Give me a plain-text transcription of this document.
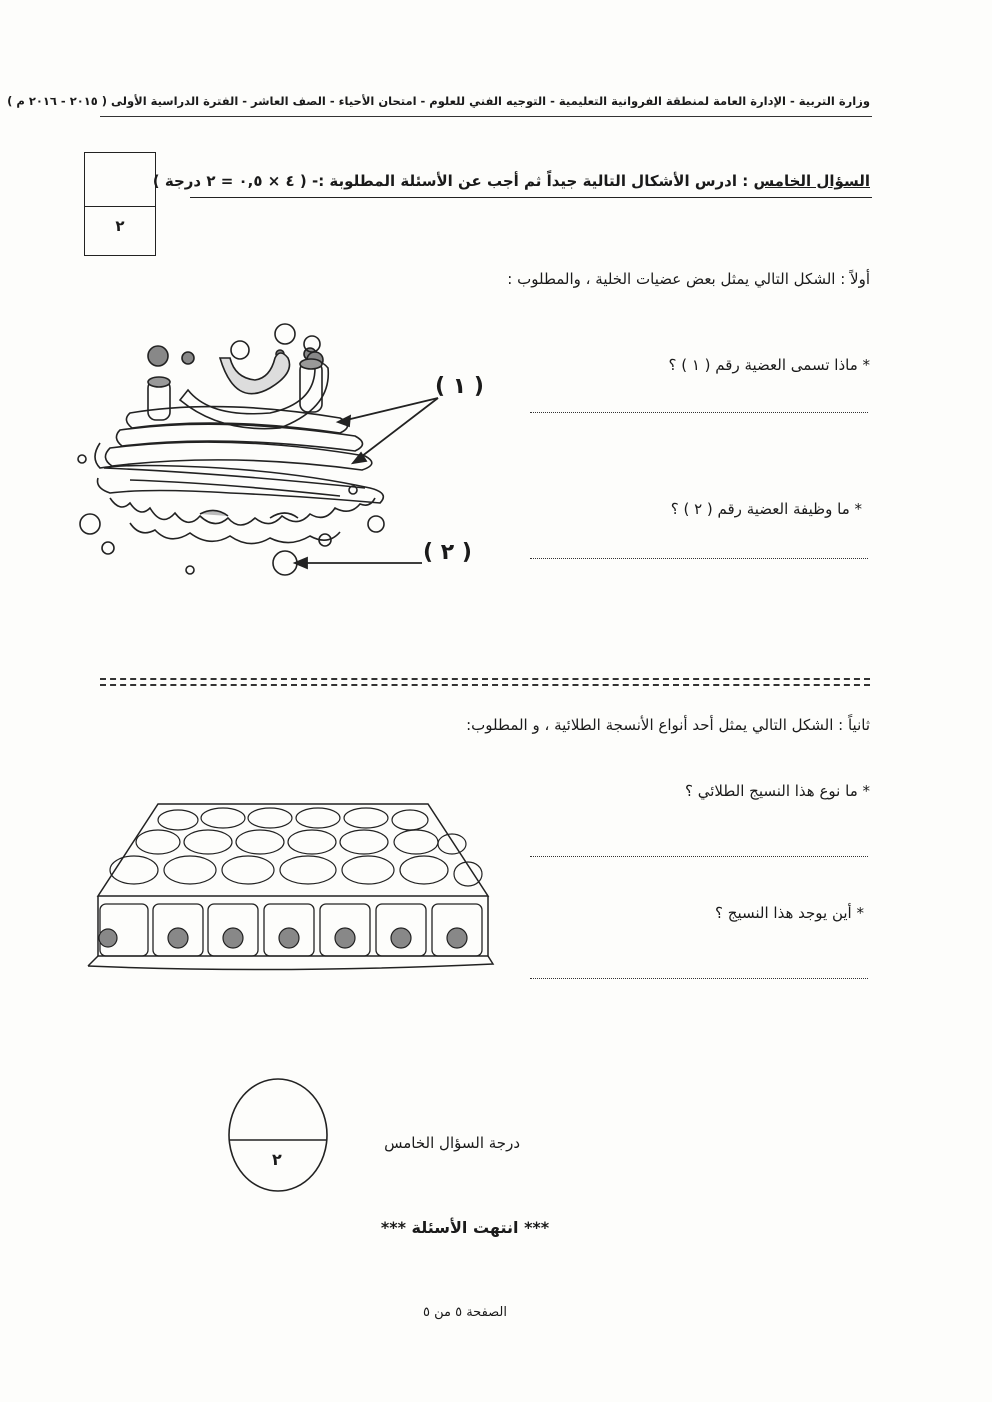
وزارة التربية - الإدارة العامة لمنطقة الفروانية التعليمية - التوجيه الفني للعلوم - امتحان الأحياء - الصف العاشر - الفترة الدراسية الأولى ( ٢٠١٥ - ٢٠١٦ م )
٢
السؤال الخامس : ادرس الأشكال التالية جيداً ثم أجب عن الأسئلة المطلوبة :- ( ٤ × ٠,٥ = ٢ درجة )
أولاً : الشكل التالي يمثل بعض عضيات الخلية ، والمطلوب :
* ماذا تسمى العضية رقم ( ١ ) ؟
* ما وظيفة العضية رقم ( ٢ ) ؟
( ١ )
( ٢ )
ثانياً : الشكل التالي يمثل أحد أنواع الأنسجة الطلائية ، و المطلوب:
* ما نوع هذا النسيج الطلائي ؟
* أين يوجد هذا النسيج ؟
٢
درجة السؤال الخامس
*** انتهت الأسئلة ***
الصفحة ٥ من ٥
